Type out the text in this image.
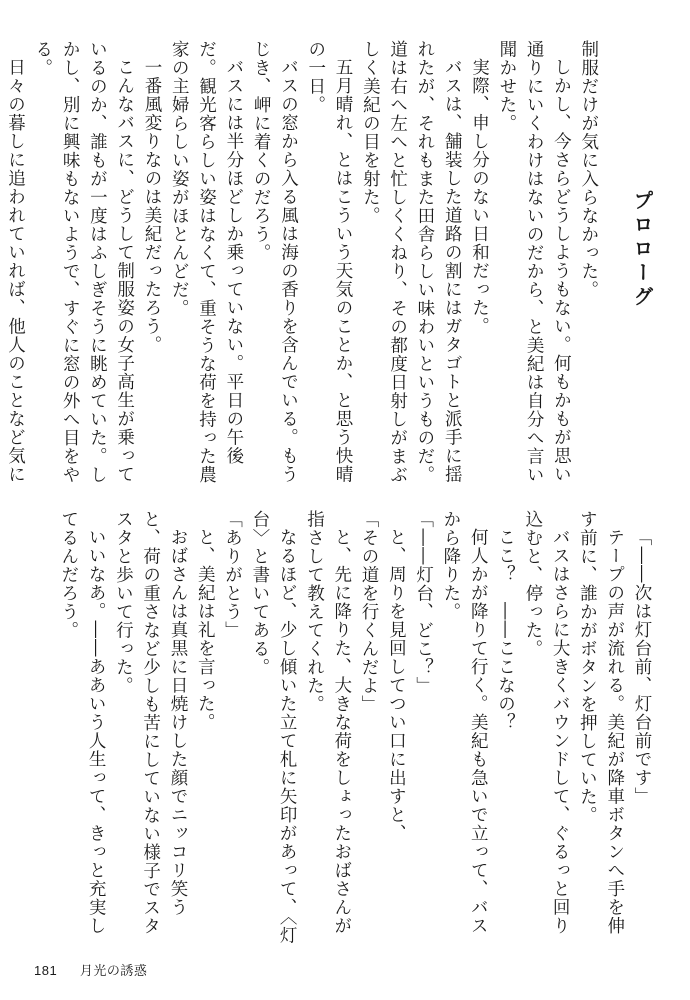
プロローグ
制服だけが気に入らなかった。
しかし、今さらどうしようもない。何もかもが思い通りにいくわけはないのだから、と美紀は自分へ言い聞かせた。
実際、申し分のない日和だった。
バスは、舗装した道路の割にはガタゴトと派手に揺れたが、それもまた田舎らしい味わいというものだ。道は右へ左へと忙しくくねり、その都度日射しがまぶしく美紀の目を射た。
五月晴れ、とはこういう天気のことか、と思う快晴の一日。
バスの窓から入る風は海の香りを含んでいる。もうじき、岬に着くのだろう。
バスには半分ほどしか乗っていない。平日の午後だ。観光客らしい姿はなくて、重そうな荷を持った農家の主婦らしい姿がほとんどだ。
一番風変りなのは美紀だったろう。
こんなバスに、どうして制服姿の女子高生が乗っているのか、誰もが一度はふしぎそうに眺めていた。しかし、別に興味もないようで、すぐに窓の外へ目をやる。
日々の暮しに追われていれば、他人のことなど気に
「――次は灯台前、灯台前です」
テープの声が流れる。美紀が降車ボタンへ手を伸す前に、誰かがボタンを押していた。
バスはさらに大きくバウンドして、ぐるっと回り込むと、停った。
ここ？　――ここなの？
何人かが降りて行く。美紀も急いで立って、バスから降りた。
「――灯台、どこ？」
と、周りを見回してつい口に出すと、
「その道を行くんだよ」
と、先に降りた、大きな荷をしょったおばさんが指さして教えてくれた。
なるほど、少し傾いた立て札に矢印があって、〈灯台〉と書いてある。
「ありがとう」
と、美紀は礼を言った。
おばさんは真黒に日焼けした顔でニッコリ笑うと、荷の重さなど少しも苦にしていない様子でスタスタと歩いて行った。
いいなあ。――ああいう人生って、きっと充実してるんだろう。
181 月光の誘惑
